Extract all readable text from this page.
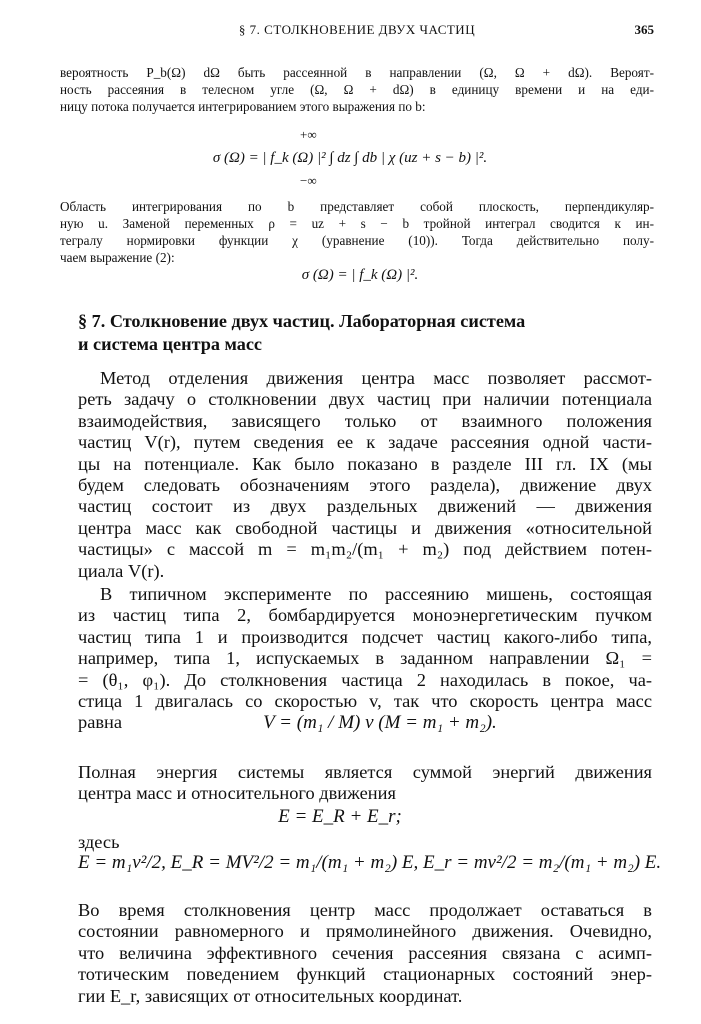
§ 7. СТОЛКНОВЕНИЕ ДВУХ ЧАСТИЦ	365
вероятность P_b(Ω) dΩ быть рассеянной в направлении (Ω, Ω + dΩ). Вероят-
ность рассеяния в телесном угле (Ω, Ω + dΩ) в единицу времени и на еди-
ницу потока получается интегрированием этого выражения по b:
+∞
σ (Ω) = | f_k (Ω) |² ∫ dz ∫ db | χ (uz + s − b) |².
−∞
Область интегрирования по b представляет собой плоскость, перпендикуляр-
ную u. Заменой переменных ρ = uz + s − b тройной интеграл сводится к ин-
тегралу нормировки функции χ (уравнение (10)). Тогда действительно полу-
чаем выражение (2):
σ (Ω) = | f_k (Ω) |².
§ 7. Столкновение двух частиц. Лабораторная система
и система центра масс
Метод отделения движения центра масс позволяет рассмот-
реть задачу о столкновении двух частиц при наличии потенциала
взаимодействия, зависящего только от взаимного положения
частиц V(r), путем сведения ее к задаче рассеяния одной части-
цы на потенциале. Как было показано в разделе III гл. IX (мы
будем следовать обозначениям этого раздела), движение двух
частиц состоит из двух раздельных движений — движения
центра масс как свободной частицы и движения «относительной
частицы» с массой m = m₁m₂/(m₁ + m₂) под действием потен-
циала V(r).
В типичном эксперименте по рассеянию мишень, состоящая
из частиц типа 2, бомбардируется моноэнергетическим пучком
частиц типа 1 и производится подсчет частиц какого-либо типа,
например, типа 1, испускаемых в заданном направлении Ω₁ =
= (θ₁, φ₁). До столкновения частица 2 находилась в покое, ча-
стица 1 двигалась со скоростью v, так что скорость центра масс
равна	V = (m₁ / M) v (M = m₁ + m₂).
Полная энергия системы является суммой энергий движения
центра масс и относительного движения
E = E_R + E_r;
здесь
E = m₁v²/2, E_R = MV²/2 = m₁/(m₁ + m₂) E, E_r = mv²/2 = m₂/(m₁ + m₂) E.
Во время столкновения центр масс продолжает оставаться в
состоянии равномерного и прямолинейного движения. Очевидно,
что величина эффективного сечения рассеяния связана с асимп-
тотическим поведением функций стационарных состояний энер-
гии E_r, зависящих от относительных координат.
